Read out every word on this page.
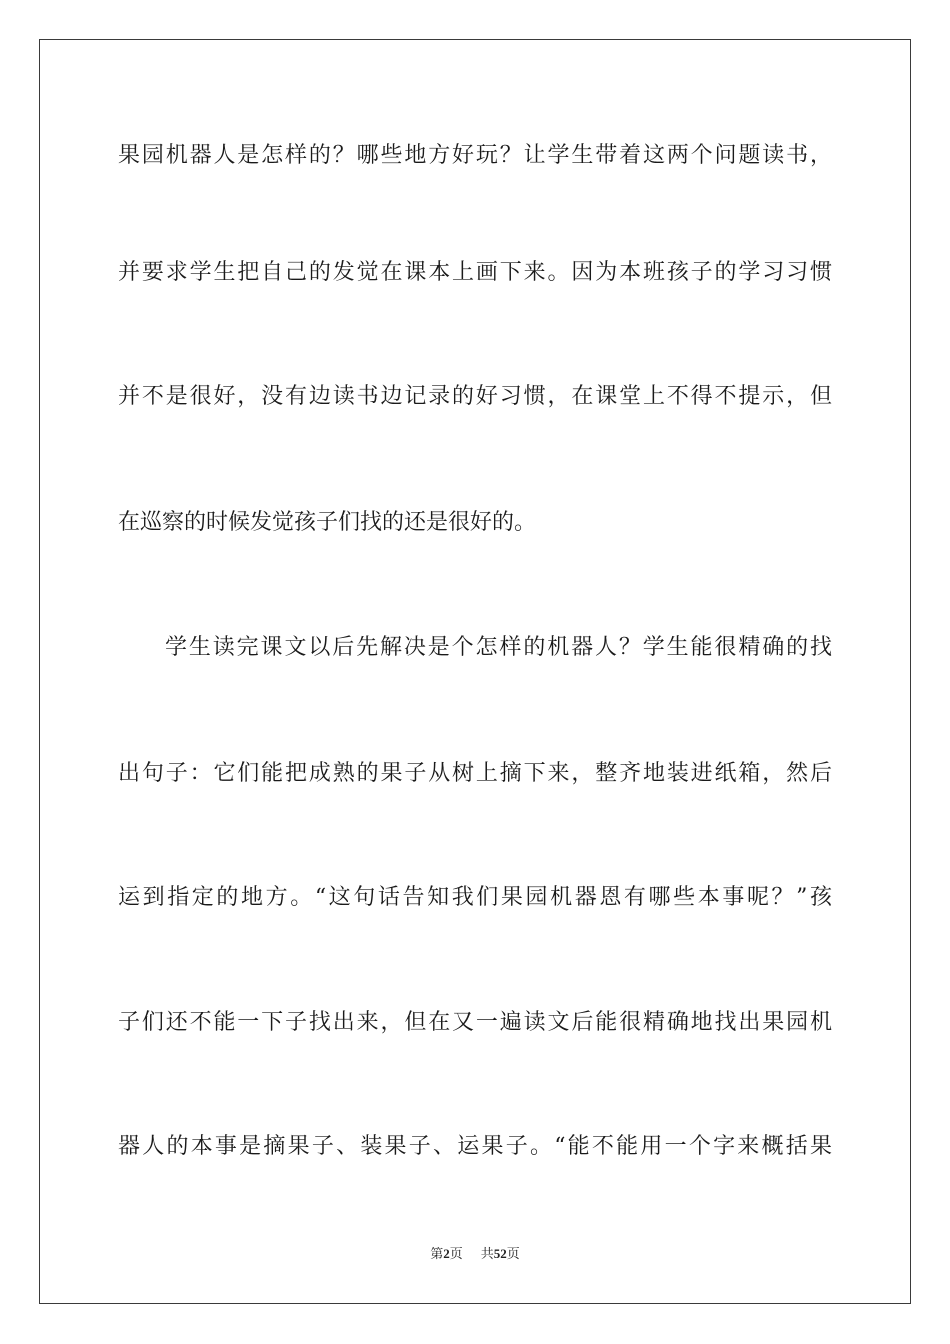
果园机器人是怎样的？哪些地方好玩？让学生带着这两个问题读书，
并要求学生把自己的发觉在课本上画下来。因为本班孩子的学习习惯
并不是很好，没有边读书边记录的好习惯，在课堂上不得不提示，但
在巡察的时候发觉孩子们找的还是很好的。
学生读完课文以后先解决是个怎样的机器人？学生能很精确的找
出句子：它们能把成熟的果子从树上摘下来，整齐地装进纸箱，然后
运到指定的地方。“这句话告知我们果园机器恩有哪些本事呢？”孩
子们还不能一下子找出来，但在又一遍读文后能很精确地找出果园机
器人的本事是摘果子、装果子、运果子。“能不能用一个字来概括果
第2页 共52页
